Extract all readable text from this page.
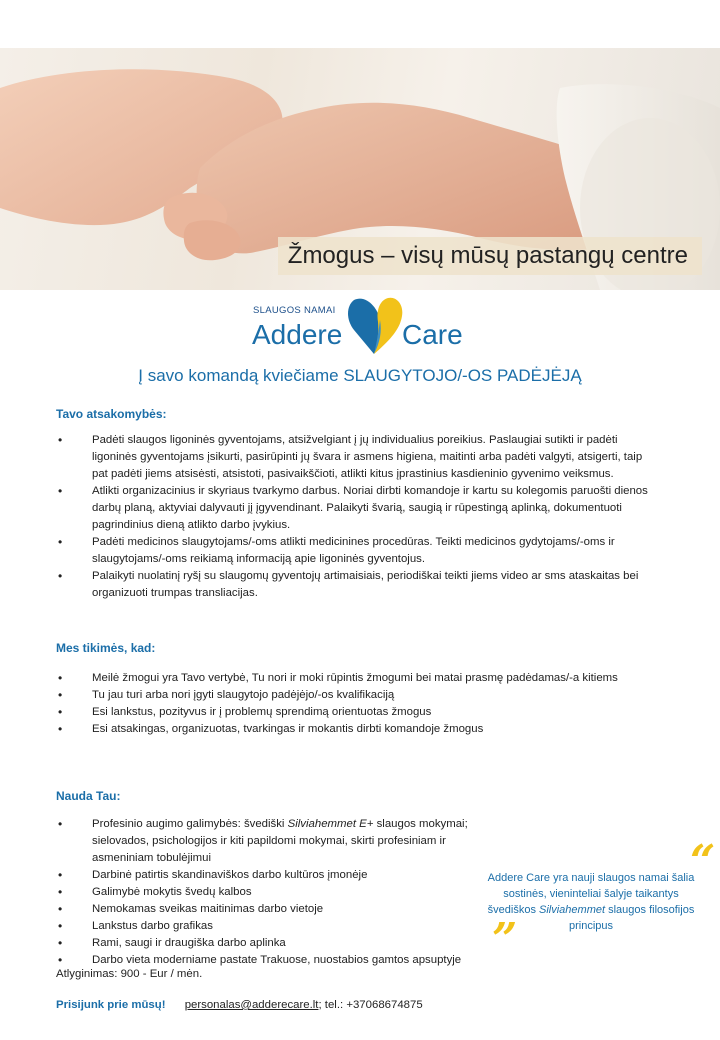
Žmogus – visų mūsų pastangų centre
SLAUGOS NAMAI
Addere Care
Į savo komandą kviečiame SLAUGYTOJO/-OS PADĖJĖJĄ
Tavo atsakomybės:
• Padėti slaugos ligoninės gyventojams, atsižvelgiant į jų individualius poreikius. Paslaugiai sutikti ir padėti ligoninės gyventojams įsikurti, pasirūpinti jų švara ir asmens higiena, maitinti arba padėti valgyti, atsigerti, taip pat padėti jiems atsisėsti, atsistoti, pasivaikščioti, atlikti kitus įprastinius kasdieninio gyvenimo veiksmus.
• Atlikti organizacinius ir skyriaus tvarkymo darbus. Noriai dirbti komandoje ir kartu su kolegomis paruošti dienos darbų planą, aktyviai dalyvauti jį įgyvendinant. Palaikyti švarią, saugią ir rūpestingą aplinką, dokumentuoti pagrindinius dieną atlikto darbo įvykius.
• Padėti medicinos slaugytojams/-oms atlikti medicinines procedūras. Teikti medicinos gydytojams/-oms ir slaugytojams/-oms reikiamą informaciją apie ligoninės gyventojus.
• Palaikyti nuolatinį ryšį su slaugomų gyventojų artimaisiais, periodiškai teikti jiems video ar sms ataskaitas bei organizuoti trumpas transliacijas.
Mes tikimės, kad:
• Meilė žmogui yra Tavo vertybė, Tu nori ir moki rūpintis žmogumi bei matai prasmę padėdamas/-a kitiems
• Tu jau turi arba nori įgyti slaugytojo padėjėjo/-os kvalifikaciją
• Esi lankstus, pozityvus ir į problemų sprendimą orientuotas žmogus
• Esi atsakingas, organizuotas, tvarkingas ir mokantis dirbti komandoje žmogus
Nauda Tau:
• Profesinio augimo galimybės: švediški Silviahemmet E+ slaugos mokymai; sielovados, psichologijos ir kiti papildomi mokymai, skirti profesiniam ir asmeniniam tobulėjimui
• Darbinė patirtis skandinaviškos darbo kultūros įmonėje
• Galimybė mokytis švedų kalbos
• Nemokamas sveikas maitinimas darbo vietoje
• Lankstus darbo grafikas
• Rami, saugi ir draugiška darbo aplinka
• Darbo vieta moderniame pastate Trakuose, nuostabios gamtos apsuptyje
“
Addere Care yra nauji slaugos namai šalia sostinės, vieninteliai šalyje taikantys švediškos Silviahemmet slaugos filosofijos principus
”
Atlyginimas: 900 - Eur / mėn.
Prisijunk prie mūsų! personalas@adderecare.lt; tel.: +37068674875
